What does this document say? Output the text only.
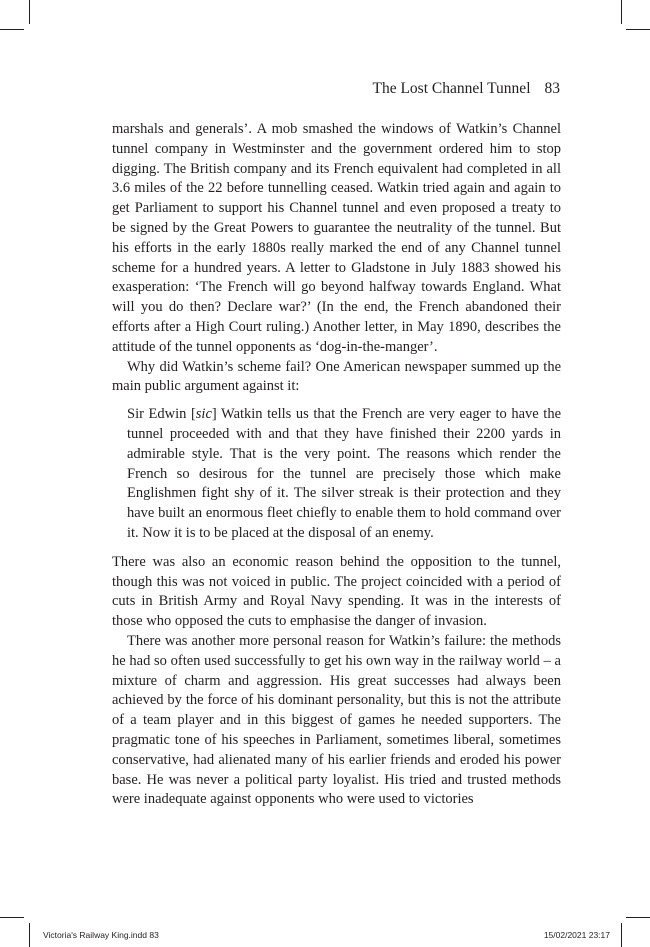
The Lost Channel Tunnel 83

marshals and generals’. A mob smashed the windows of Watkin’s Channel tunnel company in Westminster and the government ordered him to stop digging. The British company and its French equivalent had completed in all 3.6 miles of the 22 before tunnelling ceased. Watkin tried again and again to get Parliament to support his Channel tunnel and even proposed a treaty to be signed by the Great Powers to guarantee the neutrality of the tunnel. But his efforts in the early 1880s really marked the end of any Channel tunnel scheme for a hundred years. A letter to Gladstone in July 1883 showed his exasperation: ‘The French will go beyond halfway towards England. What will you do then? Declare war?’ (In the end, the French abandoned their efforts after a High Court ruling.) Another letter, in May 1890, describes the attitude of the tunnel opponents as ‘dog-in-the-manger’.

Why did Watkin’s scheme fail? One American newspaper summed up the main public argument against it:

Sir Edwin [sic] Watkin tells us that the French are very eager to have the tunnel proceeded with and that they have finished their 2200 yards in admirable style. That is the very point. The reasons which render the French so desirous for the tunnel are precisely those which make Englishmen fight shy of it. The silver streak is their protection and they have built an enormous fleet chiefly to enable them to hold command over it. Now it is to be placed at the disposal of an enemy.

There was also an economic reason behind the opposition to the tunnel, though this was not voiced in public. The project coincided with a period of cuts in British Army and Royal Navy spending. It was in the interests of those who opposed the cuts to emphasise the danger of invasion.

There was another more personal reason for Watkin’s failure: the methods he had so often used successfully to get his own way in the railway world – a mixture of charm and aggression. His great successes had always been achieved by the force of his dominant personality, but this is not the attribute of a team player and in this biggest of games he needed supporters. The pragmatic tone of his speeches in Parliament, sometimes liberal, sometimes conservative, had alienated many of his earlier friends and eroded his power base. He was never a political party loyalist. His tried and trusted methods were inadequate against opponents who were used to victories

Victoria's Railway King.indd 83	15/02/2021 23:17
